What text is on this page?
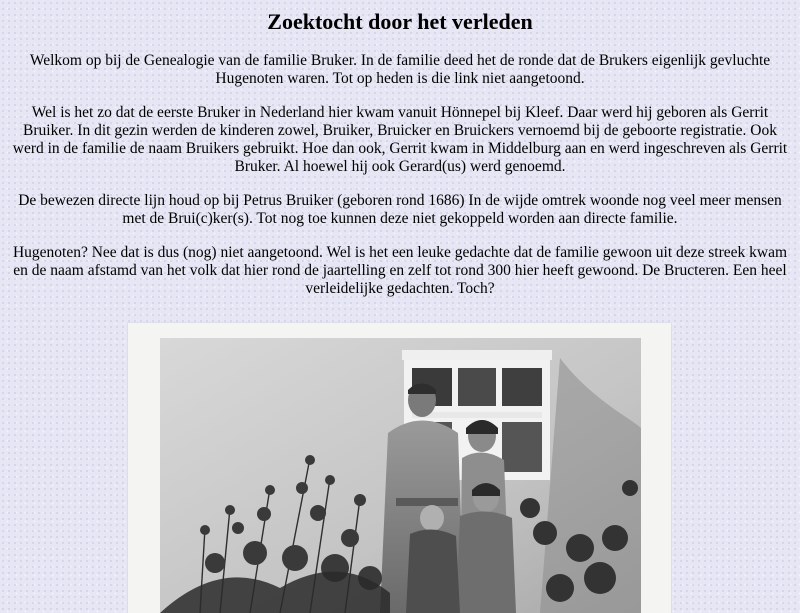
Zoektocht door het verleden

Welkom op bij de Genealogie van de familie Bruker. In de familie deed het de ronde dat de Brukers eigenlijk gevluchte Hugenoten waren. Tot op heden is die link niet aangetoond.

Wel is het zo dat de eerste Bruker in Nederland hier kwam vanuit Hönnepel bij Kleef. Daar werd hij geboren als Gerrit Bruiker. In dit gezin werden de kinderen zowel, Bruiker, Bruicker en Bruickers vernoemd bij de geboorte registratie. Ook werd in de familie de naam Bruikers gebruikt. Hoe dan ook, Gerrit kwam in Middelburg aan en werd ingeschreven als Gerrit Bruker. Al hoewel hij ook Gerard(us) werd genoemd.

De bewezen directe lijn houd op bij Petrus Bruiker (geboren rond 1686) In de wijde omtrek woonde nog veel meer mensen met de Brui(c)ker(s). Tot nog toe kunnen deze niet gekoppeld worden aan directe familie.

Hugenoten? Nee dat is dus (nog) niet aangetoond. Wel is het een leuke gedachte dat de familie gewoon uit deze streek kwam en de naam afstamd van het volk dat hier rond de jaartelling en zelf tot rond 300 hier heeft gewoond. De Bructeren. Een heel verleidelijke gedachten. Toch?
